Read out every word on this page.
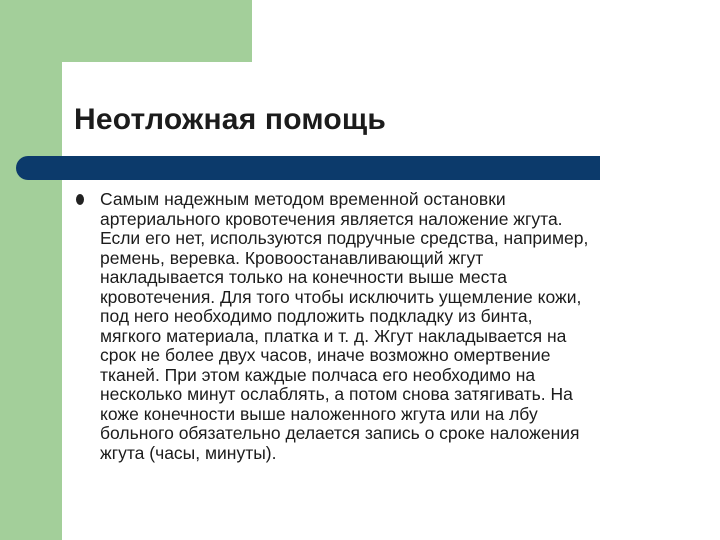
Неотложная помощь
Самым надежным методом временной остановки
артериального кровотечения является наложение жгута.
Если его нет, используются подручные средства, например,
ремень, веревка. Кровоостанавливающий жгут
накладывается только на конечности выше места
кровотечения. Для того чтобы исключить ущемление кожи,
под него необходимо подложить подкладку из бинта,
мягкого материала, платка и т. д. Жгут накладывается на
срок не более двух часов, иначе возможно омертвение
тканей. При этом каждые полчаса его необходимо на
несколько минут ослаблять, а потом снова затягивать. На
коже конечности выше наложенного жгута или на лбу
больного обязательно делается запись о сроке наложения
жгута (часы, минуты).
